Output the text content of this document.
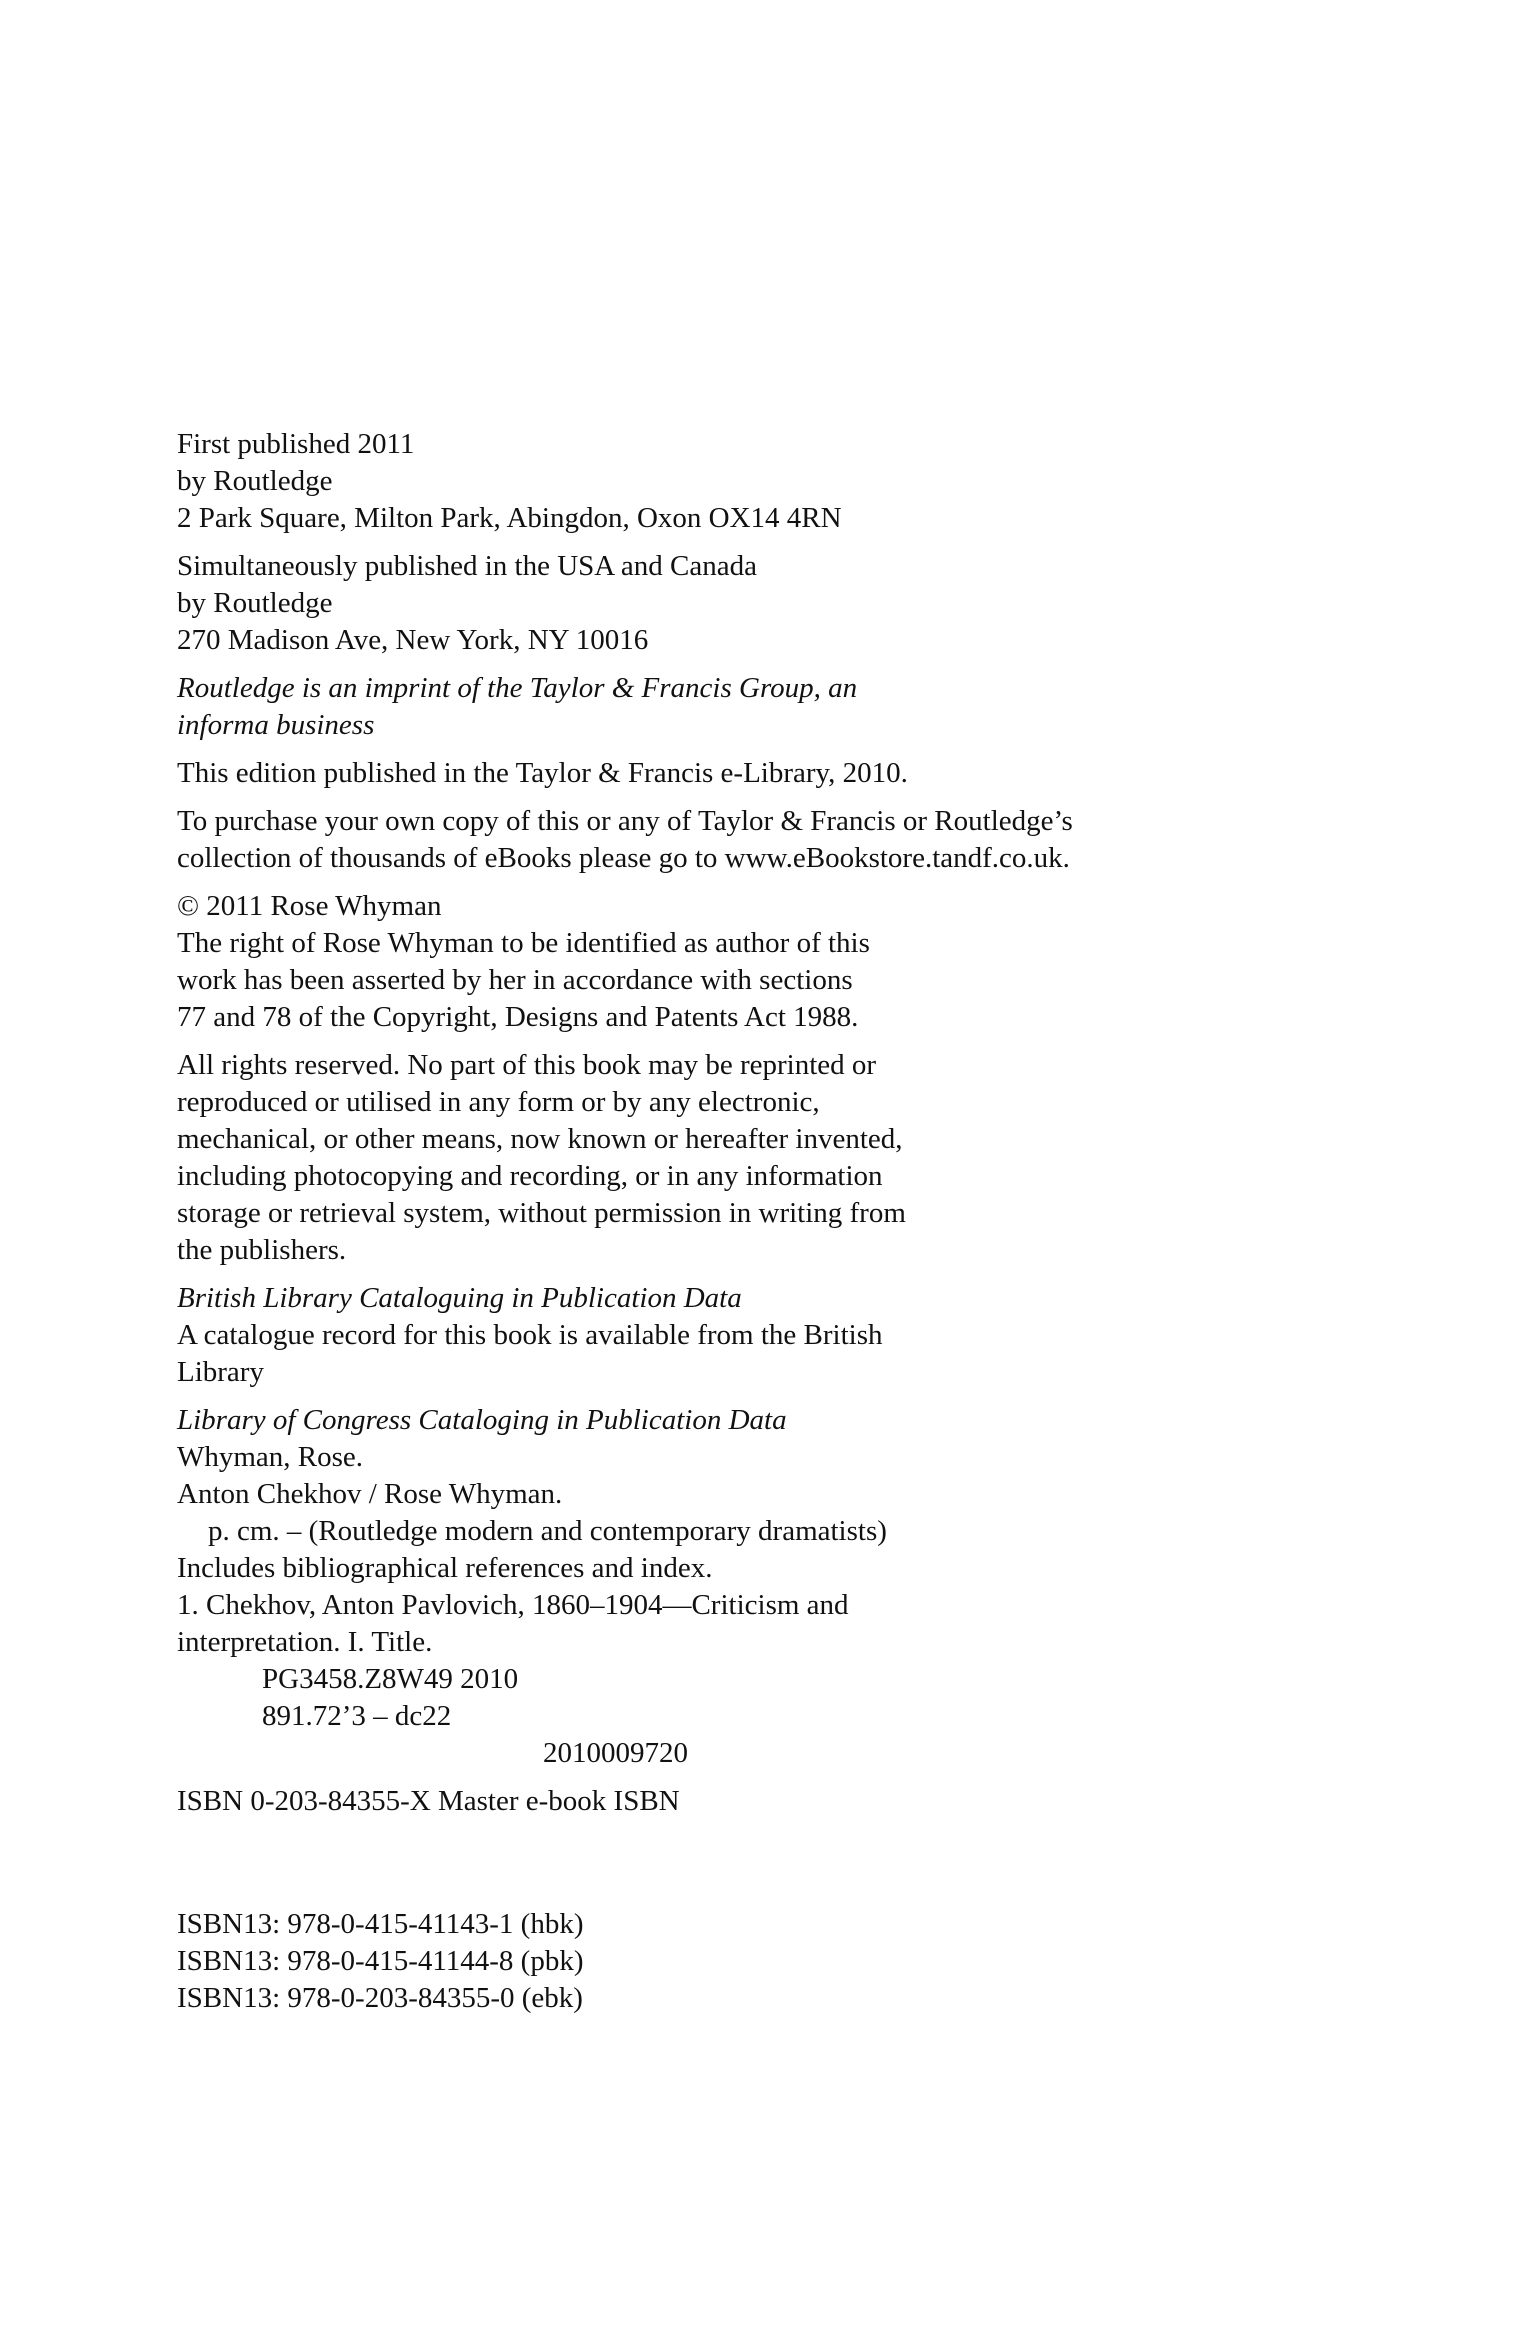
First published 2011
by Routledge
2 Park Square, Milton Park, Abingdon, Oxon OX14 4RN
Simultaneously published in the USA and Canada
by Routledge
270 Madison Ave, New York, NY 10016
Routledge is an imprint of the Taylor & Francis Group, an
informa business
This edition published in the Taylor & Francis e-Library, 2010.
To purchase your own copy of this or any of Taylor & Francis or Routledge’s
collection of thousands of eBooks please go to www.eBookstore.tandf.co.uk.
© 2011 Rose Whyman
The right of Rose Whyman to be identified as author of this
work has been asserted by her in accordance with sections
77 and 78 of the Copyright, Designs and Patents Act 1988.
All rights reserved. No part of this book may be reprinted or
reproduced or utilised in any form or by any electronic,
mechanical, or other means, now known or hereafter invented,
including photocopying and recording, or in any information
storage or retrieval system, without permission in writing from
the publishers.
British Library Cataloguing in Publication Data
A catalogue record for this book is available from the British
Library
Library of Congress Cataloging in Publication Data
Whyman, Rose.
Anton Chekhov / Rose Whyman.
p. cm. – (Routledge modern and contemporary dramatists)
Includes bibliographical references and index.
1. Chekhov, Anton Pavlovich, 1860–1904—Criticism and
interpretation. I. Title.
PG3458.Z8W49 2010
891.72’3 – dc22
2010009720
ISBN 0-203-84355-X Master e-book ISBN
ISBN13: 978-0-415-41143-1 (hbk)
ISBN13: 978-0-415-41144-8 (pbk)
ISBN13: 978-0-203-84355-0 (ebk)
